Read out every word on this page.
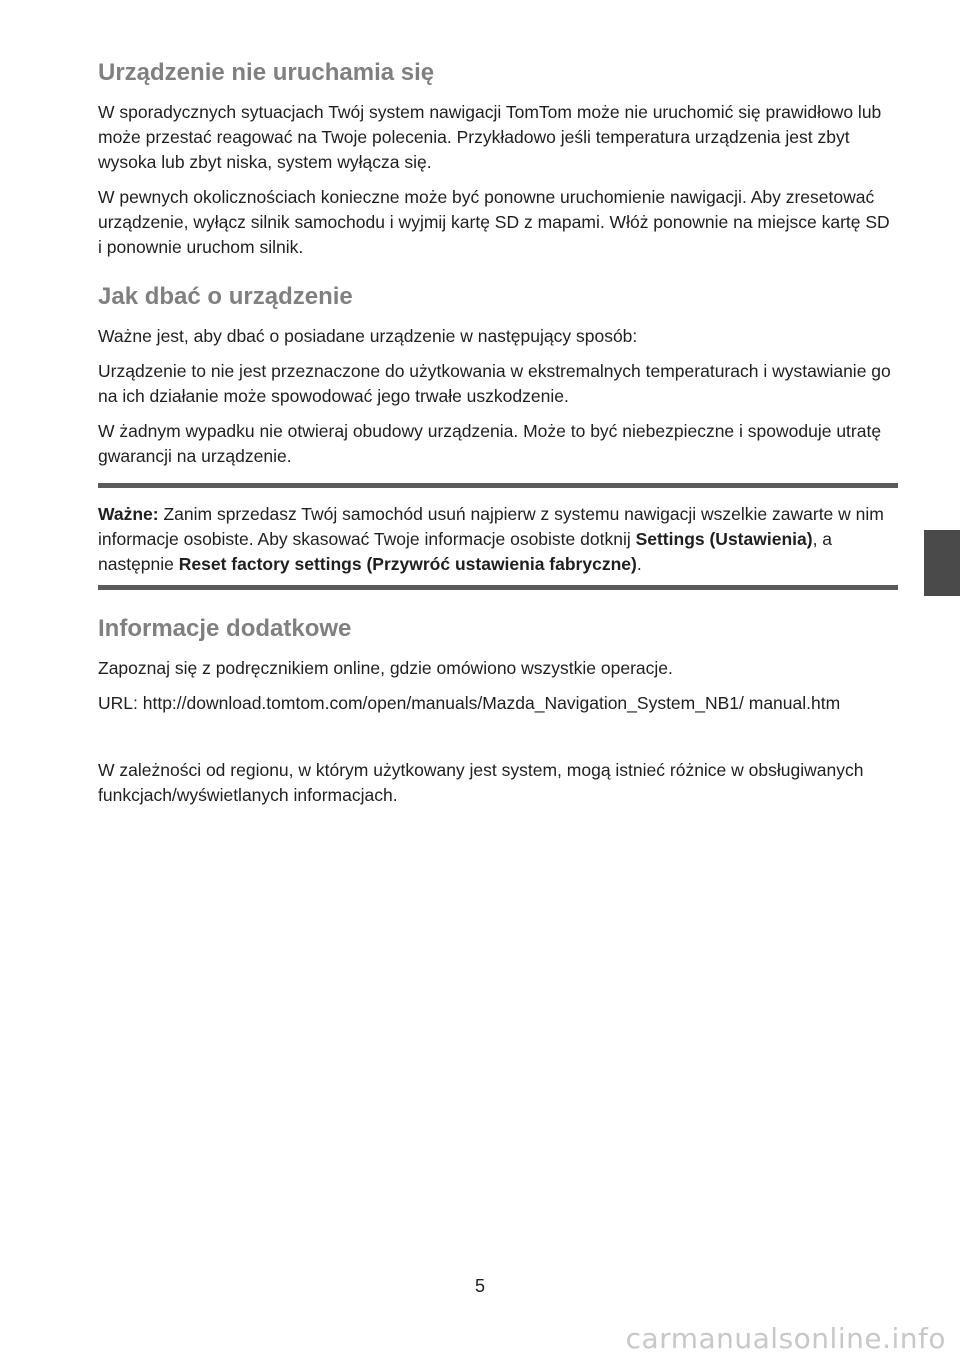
Urządzenie nie uruchamia się

W sporadycznych sytuacjach Twój system nawigacji TomTom może nie uruchomić się prawidłowo lub może przestać reagować na Twoje polecenia. Przykładowo jeśli temperatura urządzenia jest zbyt wysoka lub zbyt niska, system wyłącza się.

W pewnych okolicznościach konieczne może być ponowne uruchomienie nawigacji. Aby zresetować urządzenie, wyłącz silnik samochodu i wyjmij kartę SD z mapami. Włóż ponownie na miejsce kartę SD i ponownie uruchom silnik.

Jak dbać o urządzenie

Ważne jest, aby dbać o posiadane urządzenie w następujący sposób:

Urządzenie to nie jest przeznaczone do użytkowania w ekstremalnych temperaturach i wystawianie go na ich działanie może spowodować jego trwałe uszkodzenie.

W żadnym wypadku nie otwieraj obudowy urządzenia. Może to być niebezpieczne i spowoduje utratę gwarancji na urządzenie.

Ważne: Zanim sprzedasz Twój samochód usuń najpierw z systemu nawigacji wszelkie zawarte w nim informacje osobiste. Aby skasować Twoje informacje osobiste dotknij Settings (Ustawienia), a następnie Reset factory settings (Przywróć ustawienia fabryczne).

Informacje dodatkowe

Zapoznaj się z podręcznikiem online, gdzie omówiono wszystkie operacje.

URL: http://download.tomtom.com/open/manuals/Mazda_Navigation_System_NB1/ manual.htm

W zależności od regionu, w którym użytkowany jest system, mogą istnieć różnice w obsługiwanych funkcjach/wyświetlanych informacjach.

5
carmanualsonline.info
